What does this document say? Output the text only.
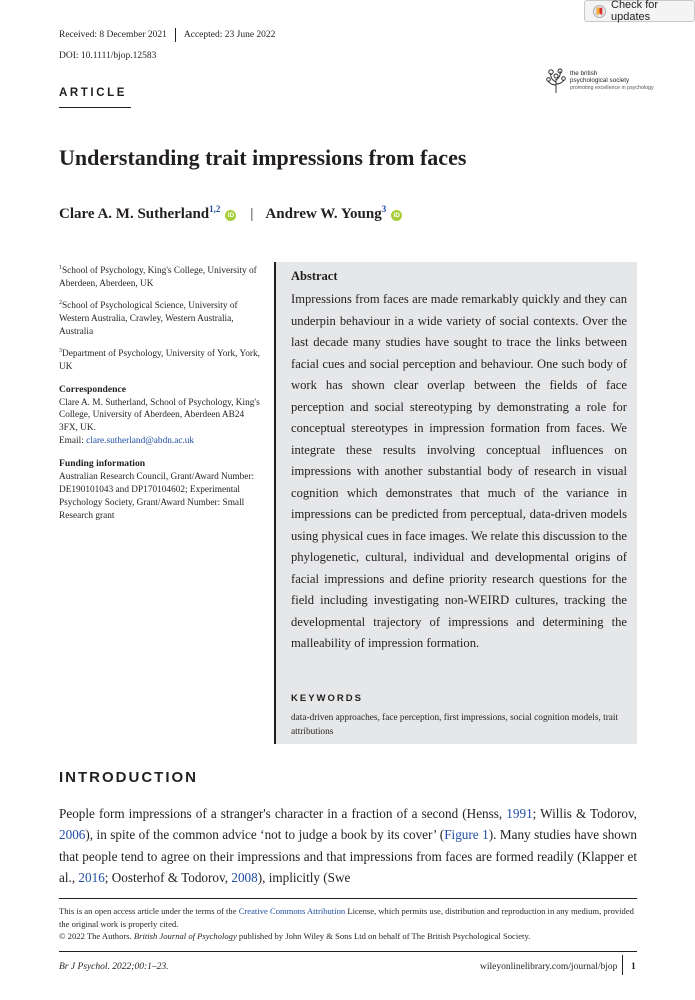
Check for updates
Received: 8 December 2021 Accepted: 23 June 2022
DOI: 10.1111/bjop.12583
the british
psychological society
promoting excellence in psychology
ARTICLE
Understanding trait impressions from faces
Clare A. M. Sutherland$^{1,2}$
iD | Andrew W. Young$^3$
iD
$^1$School of Psychology, King's College, University of Aberdeen, Aberdeen, UK
$^2$School of Psychological Science, University of Western Australia, Crawley, Western Australia, Australia
$^3$Department of Psychology, University of York, York, UK
Correspondence
Clare A. M. Sutherland, School of Psychology, King's College, University of Aberdeen, Aberdeen AB24 3FX, UK.
Email: clare.sutherland@abdn.ac.uk
Funding information
Australian Research Council, Grant/Award Number: DE190101043 and DP170104602; Experimental Psychology Society, Grant/Award Number: Small Research grant
Abstract

Impressions from faces are made remarkably quickly and they can underpin behaviour in a wide variety of social contexts. Over the last decade many studies have sought to trace the links between facial cues and social perception and behaviour. One such body of work has shown clear overlap between the fields of face perception and social stereotyping by demonstrating a role for conceptual stereotypes in impression formation from faces. We integrate these results involving conceptual influences on impressions with another substantial body of research in visual cognition which demonstrates that much of the variance in impressions can be predicted from perceptual, data-driven models using physical cues in face images. We relate this discussion to the phylogenetic, cultural, individual and developmental origins of facial impressions and define priority research questions for the field including investigating non-WEIRD cultures, tracking the developmental trajectory of impressions and determining the malleability of impression formation.

KEYWORDS
data-driven approaches, face perception, first impressions, social cognition models, trait attributions
INTRODUCTION

People form impressions of a stranger's character in a fraction of a second (Henss, 1991; Willis & Todorov, 2006), in spite of the common advice ‘not to judge a book by its cover’ (Figure 1). Many studies have shown that people tend to agree on their impressions and that impressions from faces are formed readily (Klapper et al., 2016; Oosterhof & Todorov, 2008), implicitly (Swe

This is an open access article under the terms of the Creative Commons Attribution License, which permits use, distribution and reproduction in any medium, provided the original work is properly cited.
© 2022 The Authors. British Journal of Psychology published by John Wiley & Sons Ltd on behalf of The British Psychological Society.
Br J Psychol. 2022;00:1–23.	wileyonlinelibrary.com/journal/bjop 1
